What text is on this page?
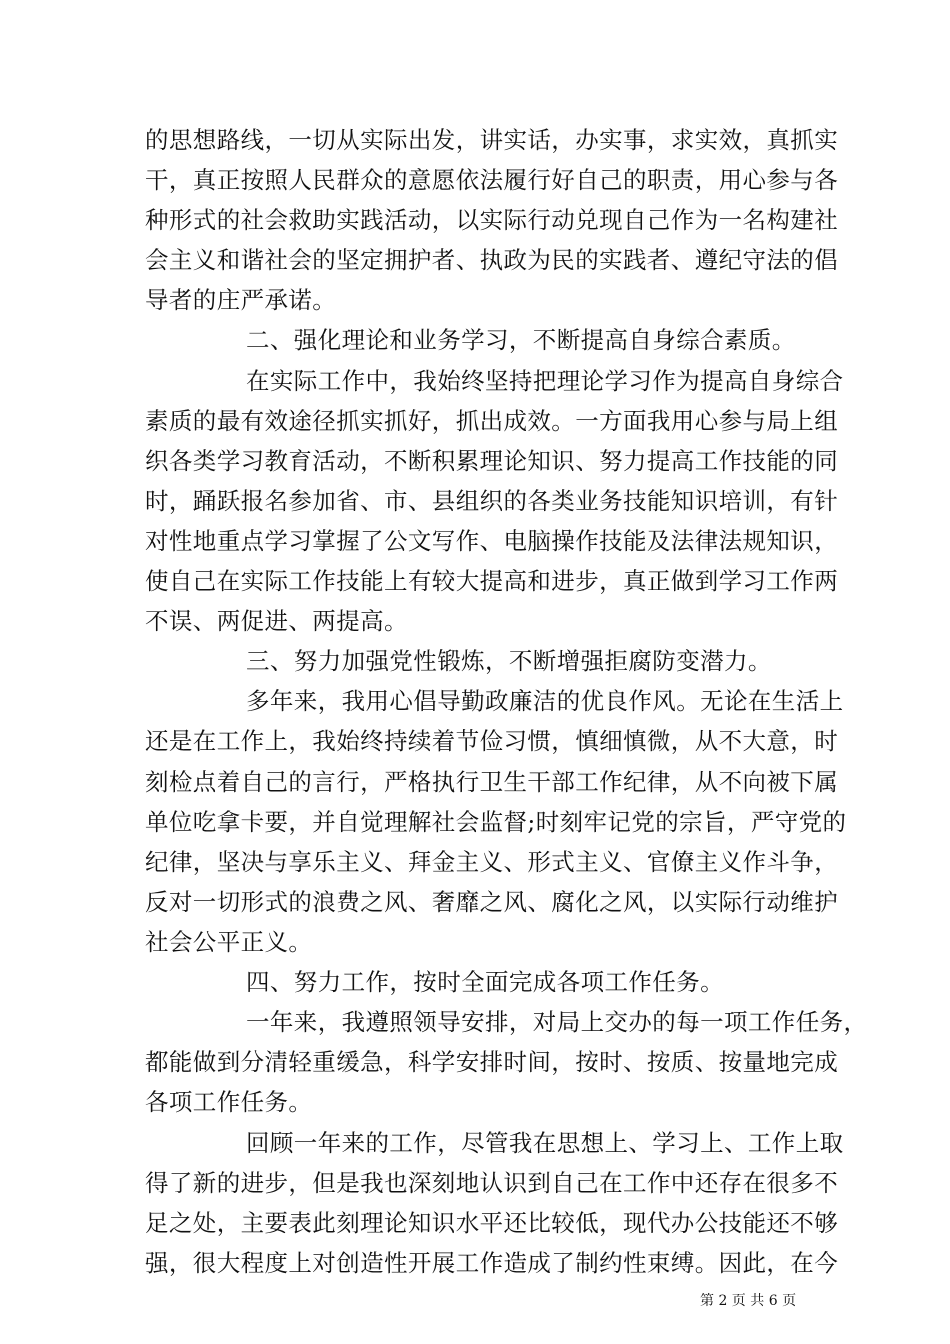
的思想路线，一切从实际出发，讲实话，办实事，求实效，真抓实
干，真正按照人民群众的意愿依法履行好自己的职责，用心参与各
种形式的社会救助实践活动，以实际行动兑现自己作为一名构建社
会主义和谐社会的坚定拥护者、执政为民的实践者、遵纪守法的倡
导者的庄严承诺。
二、强化理论和业务学习，不断提高自身综合素质。
在实际工作中，我始终坚持把理论学习作为提高自身综合
素质的最有效途径抓实抓好，抓出成效。一方面我用心参与局上组
织各类学习教育活动，不断积累理论知识、努力提高工作技能的同
时，踊跃报名参加省、市、县组织的各类业务技能知识培训，有针
对性地重点学习掌握了公文写作、电脑操作技能及法律法规知识，
使自己在实际工作技能上有较大提高和进步，真正做到学习工作两
不误、两促进、两提高。
三、努力加强党性锻炼，不断增强拒腐防变潜力。
多年来，我用心倡导勤政廉洁的优良作风。无论在生活上
还是在工作上，我始终持续着节俭习惯，慎细慎微，从不大意，时
刻检点着自己的言行，严格执行卫生干部工作纪律，从不向被下属
单位吃拿卡要，并自觉理解社会监督;时刻牢记党的宗旨，严守党的
纪律，坚决与享乐主义、拜金主义、形式主义、官僚主义作斗争，
反对一切形式的浪费之风、奢靡之风、腐化之风，以实际行动维护
社会公平正义。
四、努力工作，按时全面完成各项工作任务。
一年来，我遵照领导安排，对局上交办的每一项工作任务，
都能做到分清轻重缓急，科学安排时间，按时、按质、按量地完成
各项工作任务。
回顾一年来的工作，尽管我在思想上、学习上、工作上取
得了新的进步，但是我也深刻地认识到自己在工作中还存在很多不
足之处，主要表此刻理论知识水平还比较低，现代办公技能还不够
强，很大程度上对创造性开展工作造成了制约性束缚。因此，在今
第 2 页 共 6 页
